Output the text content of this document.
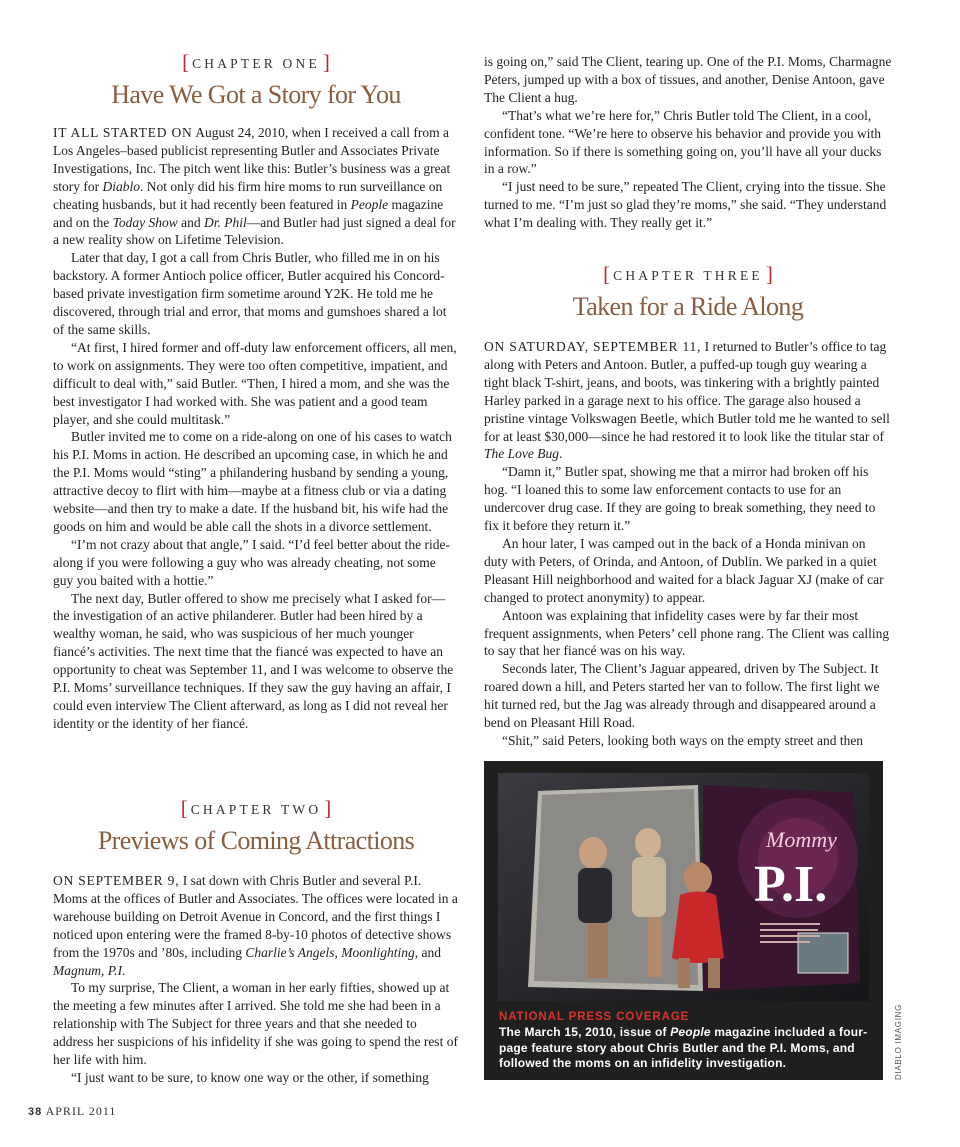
[ CHAPTER ONE ]
Have We Got a Story for You

IT ALL STARTED ON August 24, 2010, when I received a call from a Los Angeles–based publicist representing Butler and Associates Private Investigations, Inc. The pitch went like this: Butler’s business was a great story for Diablo. Not only did his firm hire moms to run surveillance on cheating husbands, but it had recently been featured in People magazine and on the Today Show and Dr. Phil—and Butler had just signed a deal for a new reality show on Lifetime Television.

Later that day, I got a call from Chris Butler, who filled me in on his backstory. A former Antioch police officer, Butler acquired his Concord-based private investigation firm sometime around Y2K. He told me he discovered, through trial and error, that moms and gumshoes shared a lot of the same skills.

“At first, I hired former and off-duty law enforcement officers, all men, to work on assignments. They were too often competitive, impatient, and difficult to deal with,” said Butler. “Then, I hired a mom, and she was the best investigator I had worked with. She was patient and a good team player, and she could multitask.”

Butler invited me to come on a ride-along on one of his cases to watch his P.I. Moms in action. He described an upcoming case, in which he and the P.I. Moms would “sting” a philandering husband by sending a young, attractive decoy to flirt with him—maybe at a fitness club or via a dating website—and then try to make a date. If the husband bit, his wife had the goods on him and would be able call the shots in a divorce settlement.

“I’m not crazy about that angle,” I said. “I’d feel better about the ride-along if you were following a guy who was already cheating, not some guy you baited with a hottie.”

The next day, Butler offered to show me precisely what I asked for—the investigation of an active philanderer. Butler had been hired by a wealthy woman, he said, who was suspicious of her much younger fiancé’s activities. The next time that the fiancé was expected to have an opportunity to cheat was September 11, and I was welcome to observe the P.I. Moms’ surveillance techniques. If they saw the guy having an affair, I could even interview The Client afterward, as long as I did not reveal her identity or the identity of her fiancé.

[ CHAPTER TWO ]
Previews of Coming Attractions

ON SEPTEMBER 9, I sat down with Chris Butler and several P.I. Moms at the offices of Butler and Associates. The offices were located in a warehouse building on Detroit Avenue in Concord, and the first things I noticed upon entering were the framed 8-by-10 photos of detective shows from the 1970s and ’80s, including Charlie’s Angels, Moonlighting, and Magnum, P.I.

To my surprise, The Client, a woman in her early fifties, showed up at the meeting a few minutes after I arrived. She told me she had been in a relationship with The Subject for three years and that she needed to address her suspicions of his infidelity if she was going to spend the rest of her life with him.

“I just want to be sure, to know one way or the other, if something

is going on,” said The Client, tearing up. One of the P.I. Moms, Charmagne Peters, jumped up with a box of tissues, and another, Denise Antoon, gave The Client a hug.

“That’s what we’re here for,” Chris Butler told The Client, in a cool, confident tone. “We’re here to observe his behavior and provide you with information. So if there is something going on, you’ll have all your ducks in a row.”

“I just need to be sure,” repeated The Client, crying into the tissue. She turned to me. “I’m just so glad they’re moms,” she said. “They understand what I’m dealing with. They really get it.”

[ CHAPTER THREE ]
Taken for a Ride Along

ON SATURDAY, SEPTEMBER 11, I returned to Butler’s office to tag along with Peters and Antoon. Butler, a puffed-up tough guy wearing a tight black T-shirt, jeans, and boots, was tinkering with a brightly painted Harley parked in a garage next to his office. The garage also housed a pristine vintage Volkswagen Beetle, which Butler told me he wanted to sell for at least $30,000—since he had restored it to look like the titular star of The Love Bug.

“Damn it,” Butler spat, showing me that a mirror had broken off his hog. “I loaned this to some law enforcement contacts to use for an undercover drug case. If they are going to break something, they need to fix it before they return it.”

An hour later, I was camped out in the back of a Honda minivan on duty with Peters, of Orinda, and Antoon, of Dublin. We parked in a quiet Pleasant Hill neighborhood and waited for a black Jaguar XJ (make of car changed to protect anonymity) to appear.

Antoon was explaining that infidelity cases were by far their most frequent assignments, when Peters’ cell phone rang. The Client was calling to say that her fiancé was on his way.

Seconds later, The Client’s Jaguar appeared, driven by The Subject. It roared down a hill, and Peters started her van to follow. The first light we hit turned red, but the Jag was already through and disappeared around a bend on Pleasant Hill Road.

“Shit,” said Peters, looking both ways on the empty street and then

Mommy
P.I.
NATIONAL PRESS COVERAGE
The March 15, 2010, issue of People magazine included a four-page feature story about Chris Butler and the P.I. Moms, and followed the moms on an infidelity investigation.	DIABLO IMAGING
38 APRIL 2011
